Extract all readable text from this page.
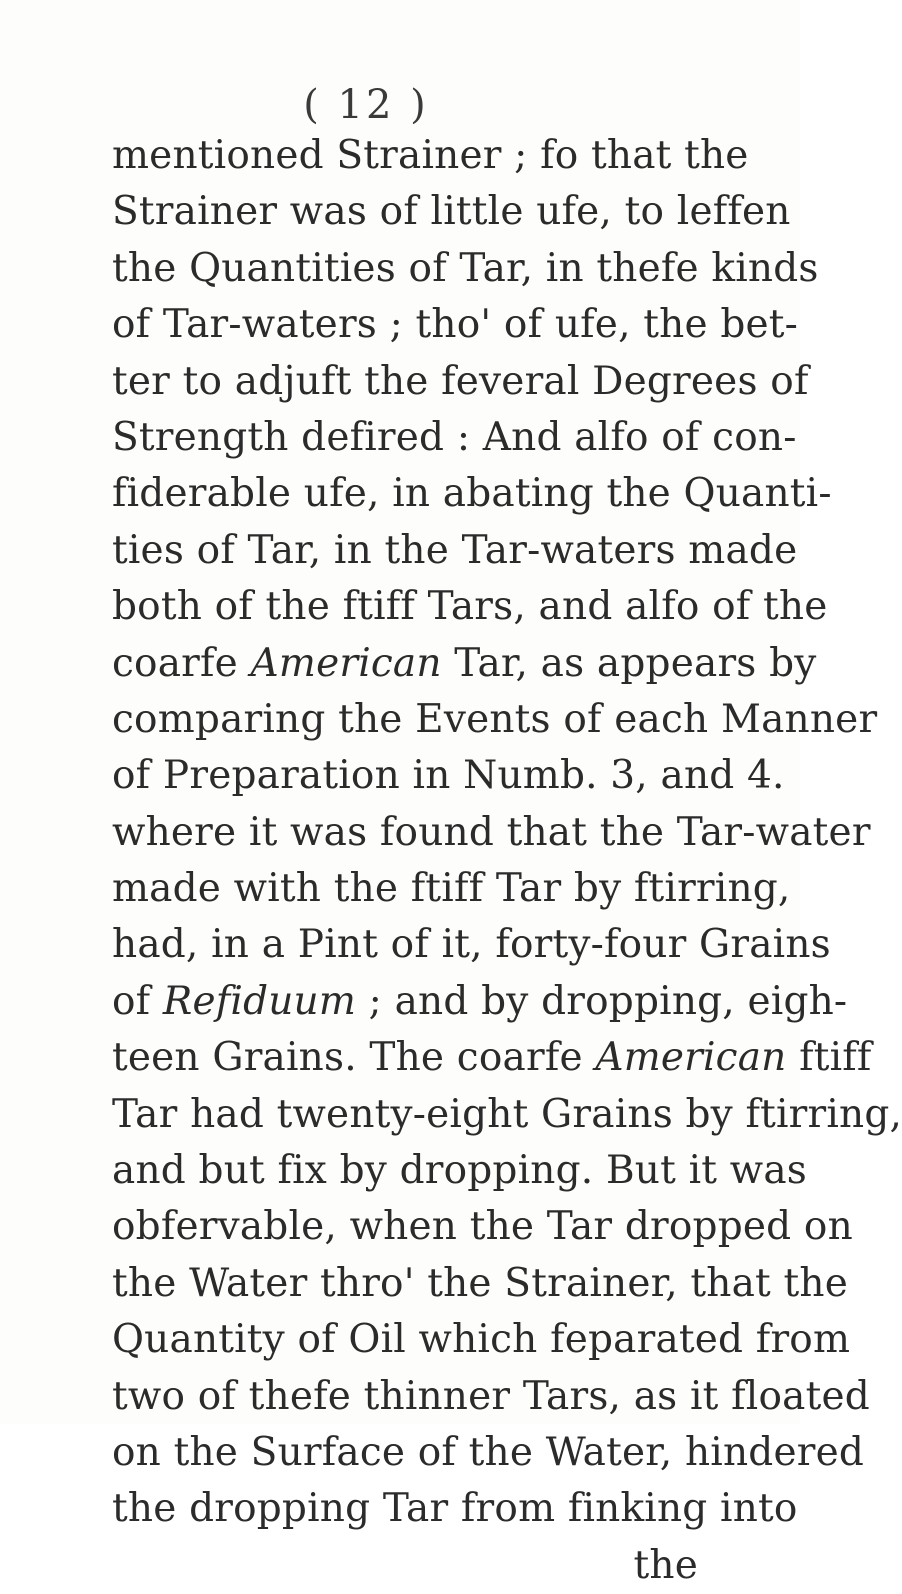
( 12 )
mentioned Strainer ; fo that the
Strainer was of little ufe, to leffen
the Quantities of Tar, in thefe kinds
of Tar-waters ; tho' of ufe, the bet-
ter to adjuft the feveral Degrees of
Strength defired : And alfo of con-
fiderable ufe, in abating the Quanti-
ties of Tar, in the Tar-waters made
both of the ftiff Tars, and alfo of the
coarfe American Tar, as appears by
comparing the Events of each Manner
of Preparation in Numb. 3, and 4.
where it was found that the Tar-water
made with the ftiff Tar by ftirring,
had, in a Pint of it, forty-four Grains
of Refiduum ; and by dropping, eigh-
teen Grains. The coarfe American ftiff
Tar had twenty-eight Grains by ftirring,
and but fix by dropping. But it was
obfervable, when the Tar dropped on
the Water thro' the Strainer, that the
Quantity of Oil which feparated from
two of thefe thinner Tars, as it floated
on the Surface of the Water, hindered
the dropping Tar from finking into
the
